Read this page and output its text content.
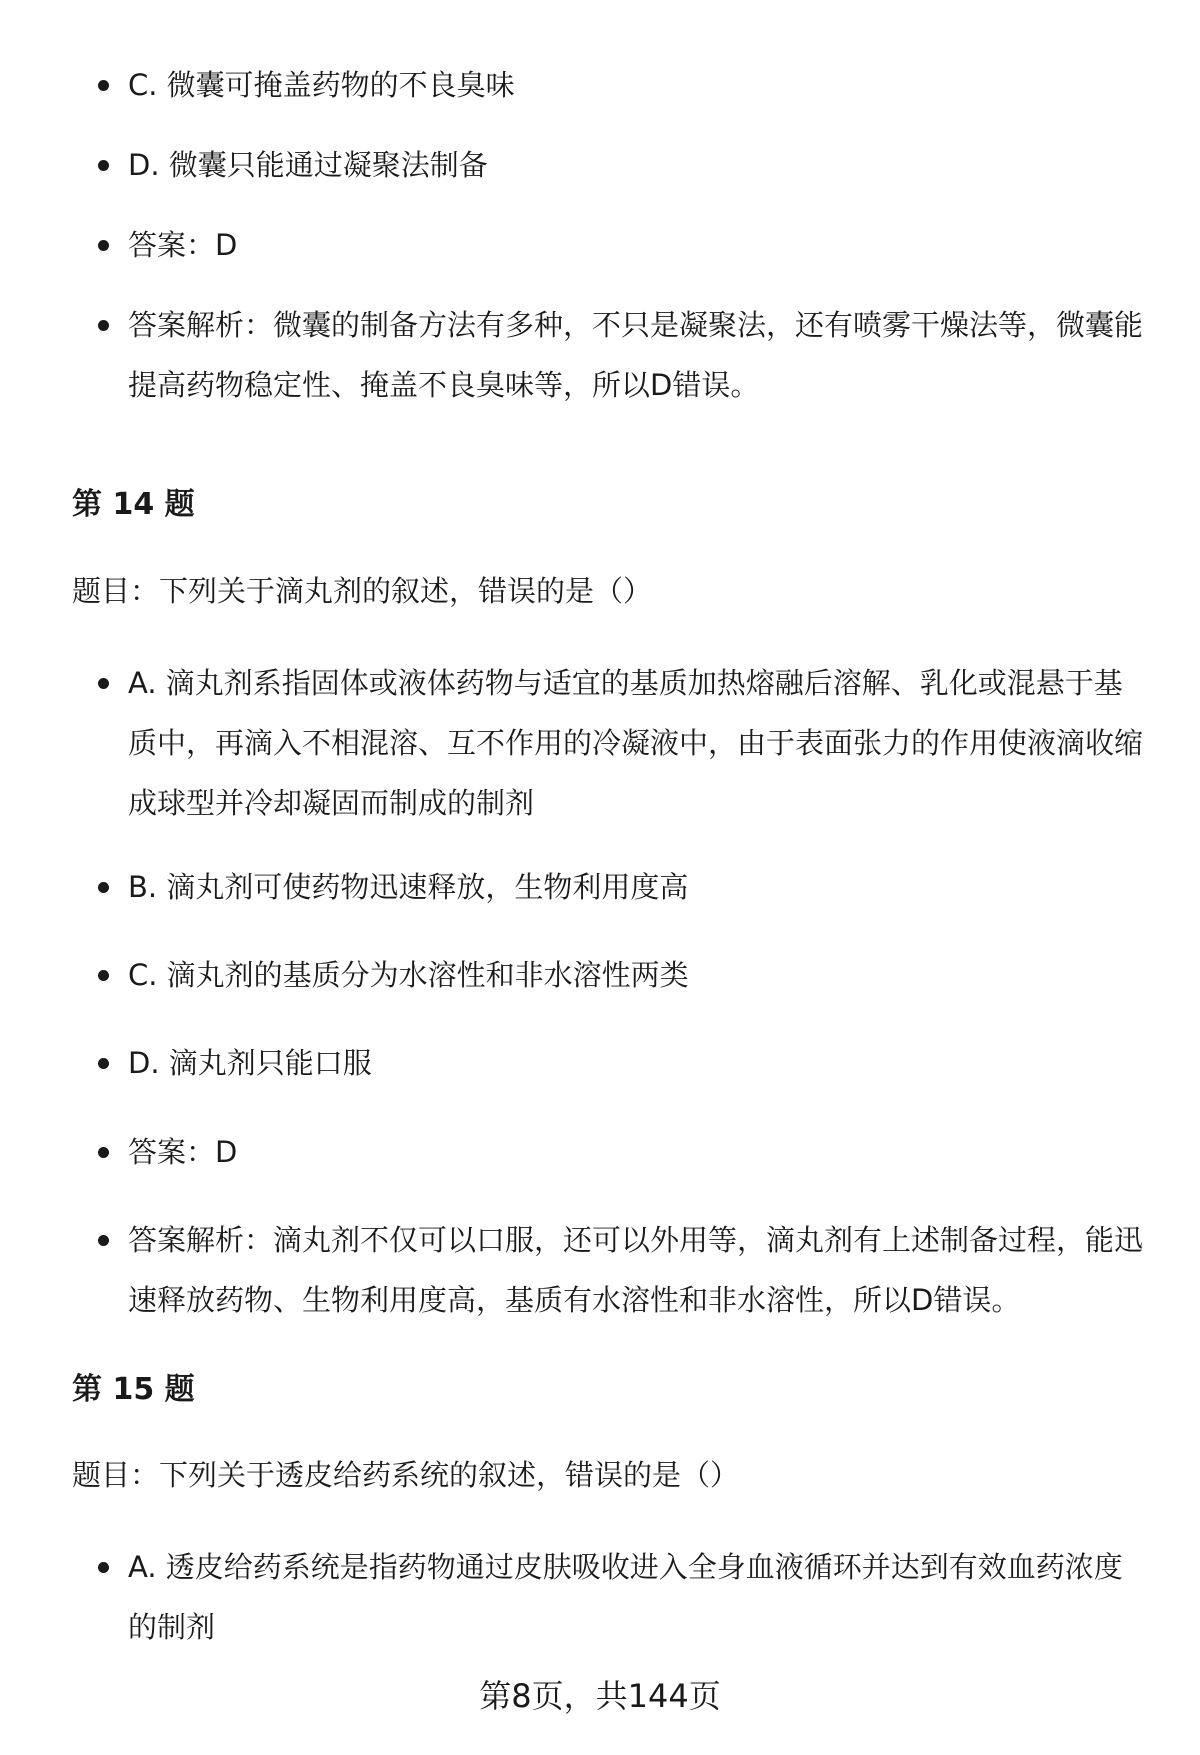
C. 微囊可掩盖药物的不良臭味
D. 微囊只能通过凝聚法制备
答案：D
答案解析：微囊的制备方法有多种，不只是凝聚法，还有喷雾干燥法等，微囊能提高药物稳定性、掩盖不良臭味等，所以D错误。
第 14 题
题目：下列关于滴丸剂的叙述，错误的是（）
A. 滴丸剂系指固体或液体药物与适宜的基质加热熔融后溶解、乳化或混悬于基质中，再滴入不相混溶、互不作用的冷凝液中，由于表面张力的作用使液滴收缩成球型并冷却凝固而制成的制剂
B. 滴丸剂可使药物迅速释放，生物利用度高
C. 滴丸剂的基质分为水溶性和非水溶性两类
D. 滴丸剂只能口服
答案：D
答案解析：滴丸剂不仅可以口服，还可以外用等，滴丸剂有上述制备过程，能迅速释放药物、生物利用度高，基质有水溶性和非水溶性，所以D错误。
第 15 题
题目：下列关于透皮给药系统的叙述，错误的是（）
A. 透皮给药系统是指药物通过皮肤吸收进入全身血液循环并达到有效血药浓度的制剂
第8页，共144页
